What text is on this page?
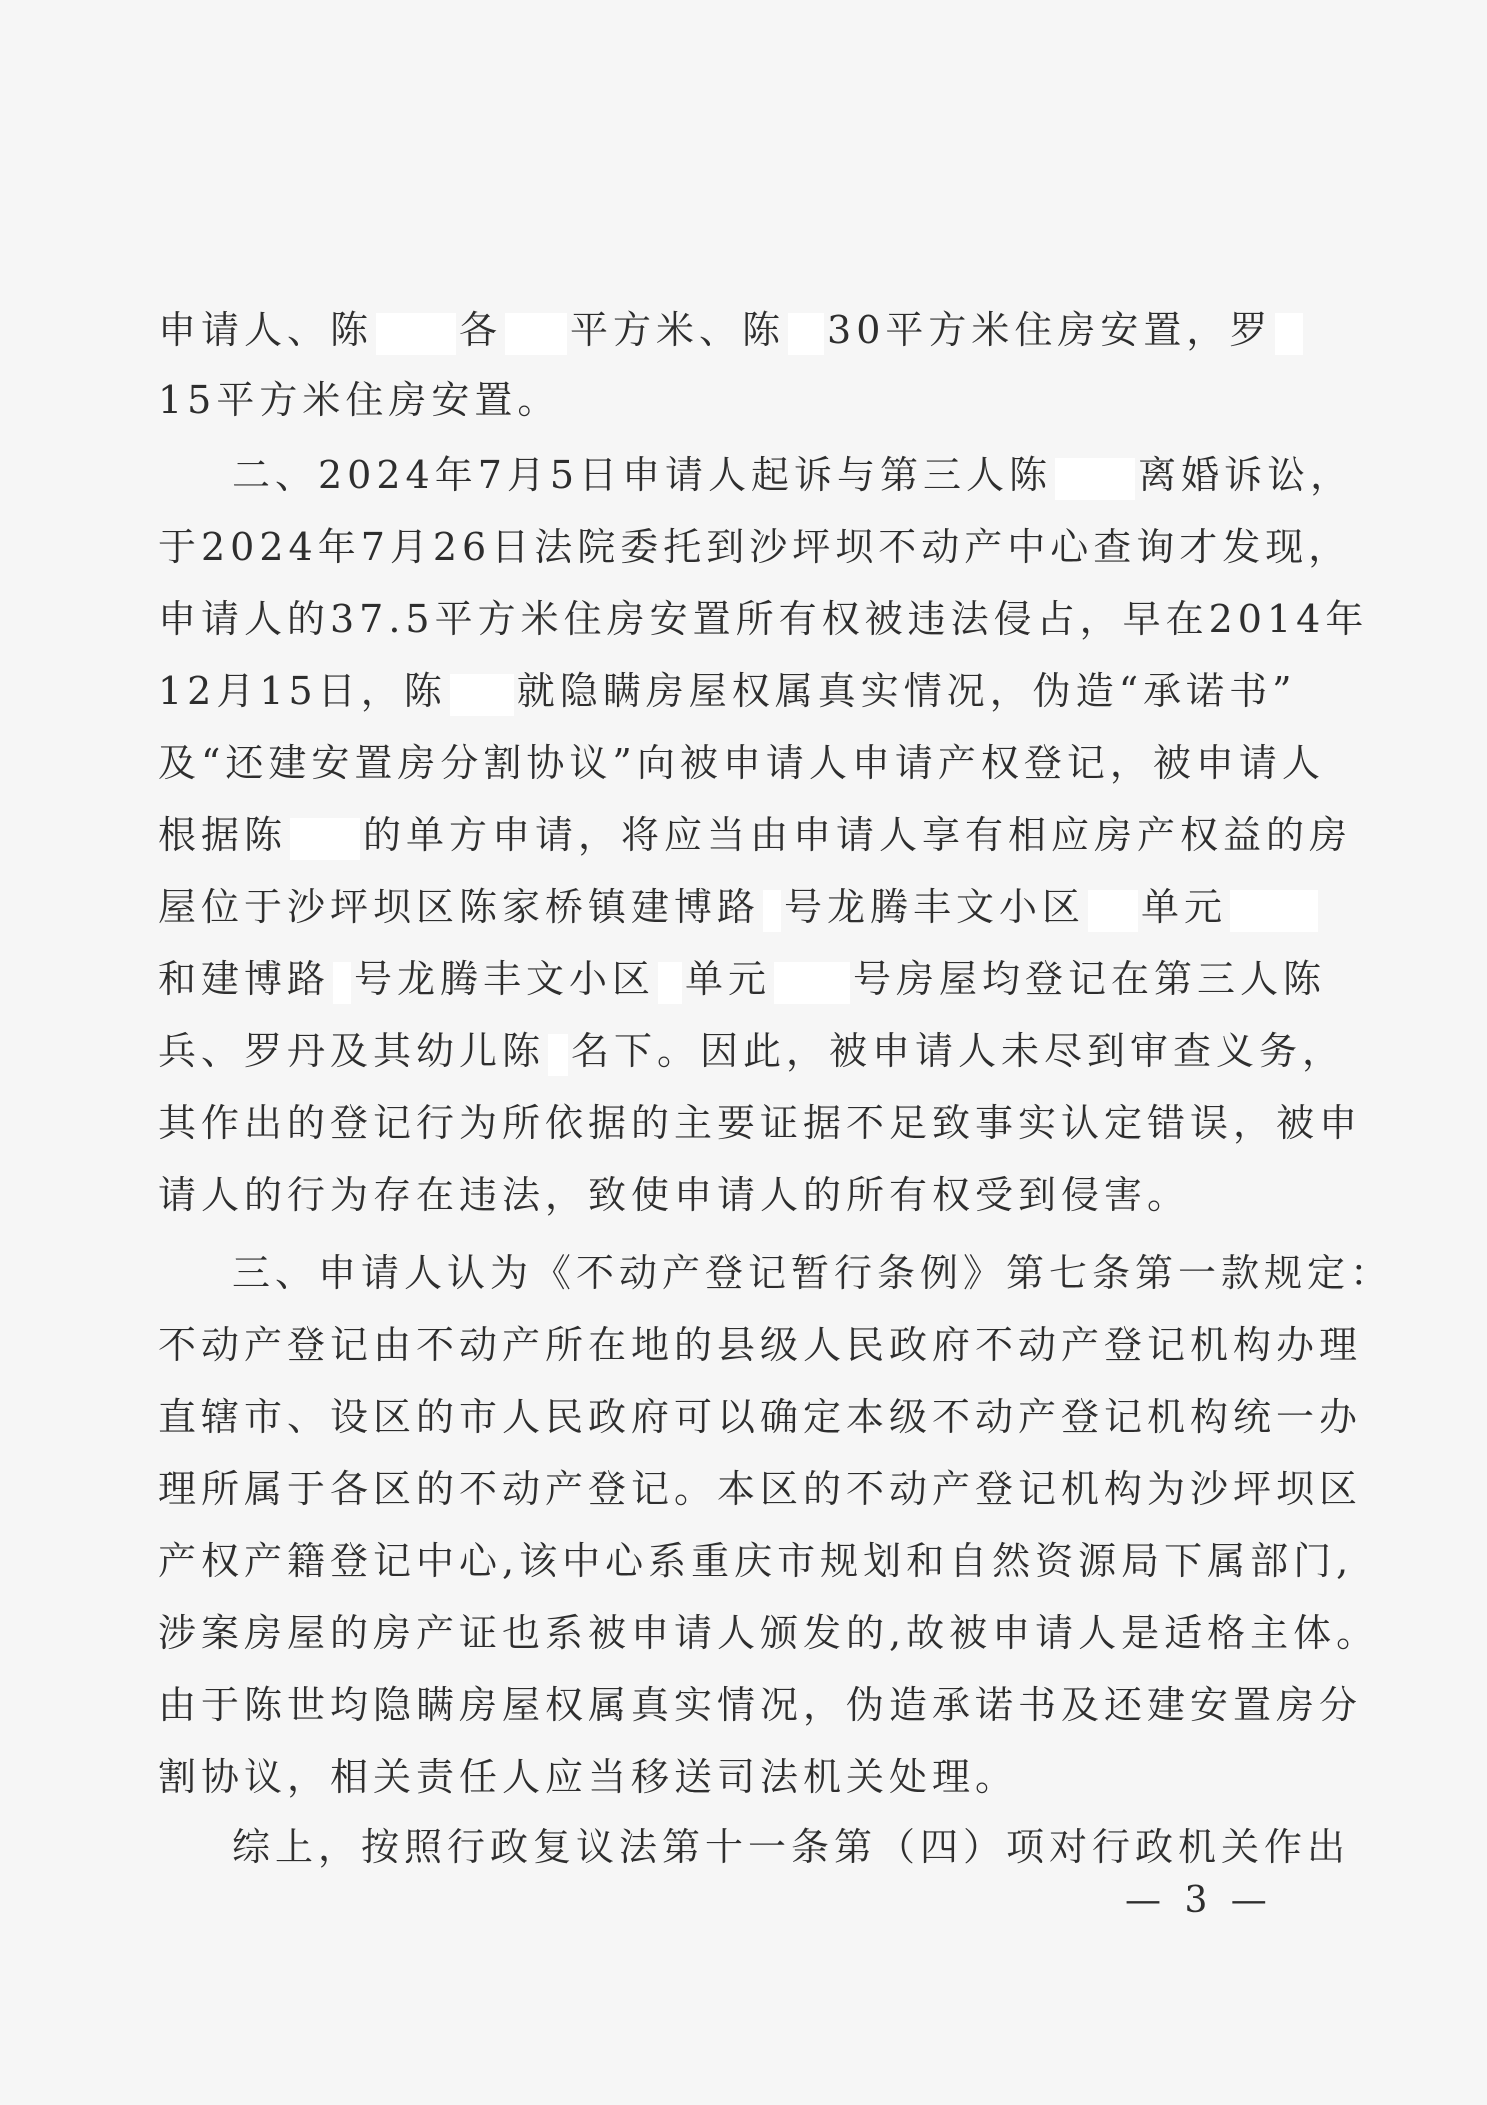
申请人、陈 各 平方米、陈 30平方米住房安置，罗
15平方米住房安置。
二、2024年7月5日申请人起诉与第三人陈 离婚诉讼，
于2024年7月26日法院委托到沙坪坝不动产中心查询才发现，
申请人的37.5平方米住房安置所有权被违法侵占，早在2014年
12月15日，陈 就隐瞒房屋权属真实情况，伪造“承诺书”
及“还建安置房分割协议”向被申请人申请产权登记，被申请人
根据陈 的单方申请，将应当由申请人享有相应房产权益的房
屋位于沙坪坝区陈家桥镇建博路 号龙腾丰文小区 单元
和建博路 号龙腾丰文小区 单元 号房屋均登记在第三人陈
兵、罗丹及其幼儿陈 名下。因此，被申请人未尽到审查义务，
其作出的登记行为所依据的主要证据不足致事实认定错误，被申
请人的行为存在违法，致使申请人的所有权受到侵害。
三、申请人认为《不动产登记暂行条例》第七条第一款规定：
不动产登记由不动产所在地的县级人民政府不动产登记机构办理
直辖市、设区的市人民政府可以确定本级不动产登记机构统一办
理所属于各区的不动产登记。本区的不动产登记机构为沙坪坝区
产权产籍登记中心,该中心系重庆市规划和自然资源局下属部门,
涉案房屋的房产证也系被申请人颁发的,故被申请人是适格主体。
由于陈世均隐瞒房屋权属真实情况，伪造承诺书及还建安置房分
割协议，相关责任人应当移送司法机关处理。
综上，按照行政复议法第十一条第（四）项对行政机关作出
— 3 —
